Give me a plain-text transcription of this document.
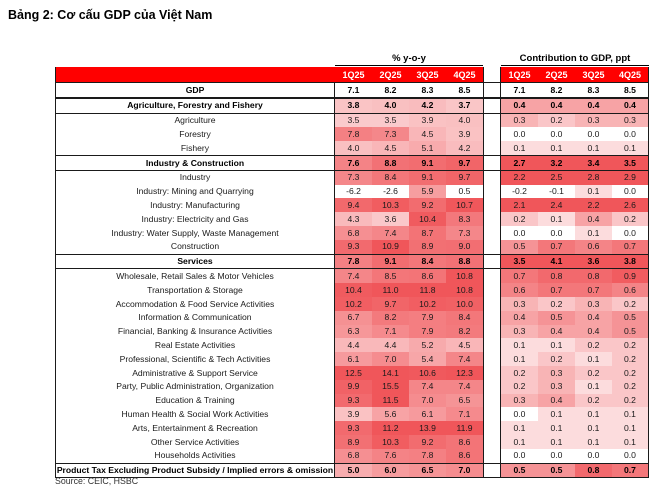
Bảng 2: Cơ cấu GDP của Việt Nam
% y-o-y	Contribution to GDP, ppt
1Q25	2Q25	3Q25	4Q25	1Q25	2Q25	3Q25	4Q25
GDP	7.1	8.2	8.3	8.5	7.1	8.2	8.3	8.5
Agriculture, Forestry and Fishery	3.8	4.0	4.2	3.7	0.4	0.4	0.4	0.4
Agriculture	3.5	3.5	3.9	4.0	0.3	0.2	0.3	0.3
Forestry	7.8	7.3	4.5	3.9	0.0	0.0	0.0	0.0
Fishery	4.0	4.5	5.1	4.2	0.1	0.1	0.1	0.1
Industry & Construction	7.6	8.8	9.1	9.7	2.7	3.2	3.4	3.5
Industry	7.3	8.4	9.1	9.7	2.2	2.5	2.8	2.9
Industry: Mining and Quarrying	-6.2	-2.6	5.9	0.5	-0.2	-0.1	0.1	0.0
Industry: Manufacturing	9.4	10.3	9.2	10.7	2.1	2.4	2.2	2.6
Industry: Electricity and Gas	4.3	3.6	10.4	8.3	0.2	0.1	0.4	0.2
Industry: Water Supply, Waste Management	6.8	7.4	8.7	7.3	0.0	0.0	0.1	0.0
Construction	9.3	10.9	8.9	9.0	0.5	0.7	0.6	0.7
Services	7.8	9.1	8.4	8.8	3.5	4.1	3.6	3.8
Wholesale, Retail Sales & Motor Vehicles	7.4	8.5	8.6	10.8	0.7	0.8	0.8	0.9
Transportation & Storage	10.4	11.0	11.8	10.8	0.6	0.7	0.7	0.6
Accommodation & Food Service Activities	10.2	9.7	10.2	10.0	0.3	0.2	0.3	0.2
Information & Communication	6.7	8.2	7.9	8.4	0.4	0.5	0.4	0.5
Financial, Banking & Insurance Activities	6.3	7.1	7.9	8.2	0.3	0.4	0.4	0.5
Real Estate Activities	4.4	4.4	5.2	4.5	0.1	0.1	0.2	0.2
Professional, Scientific & Tech Activities	6.1	7.0	5.4	7.4	0.1	0.2	0.1	0.2
Administrative & Support Service	12.5	14.1	10.6	12.3	0.2	0.3	0.2	0.2
Party, Public Administration, Organization	9.9	15.5	7.4	7.4	0.2	0.3	0.1	0.2
Education & Training	9.3	11.5	7.0	6.5	0.3	0.4	0.2	0.2
Human Health & Social Work Activities	3.9	5.6	6.1	7.1	0.0	0.1	0.1	0.1
Arts, Entertainment & Recreation	9.3	11.2	13.9	11.9	0.1	0.1	0.1	0.1
Other Service Activities	8.9	10.3	9.2	8.6	0.1	0.1	0.1	0.1
Households Activities	6.8	7.6	7.8	8.6	0.0	0.0	0.0	0.0
Product Tax Excluding Product Subsidy / Implied errors & omission	5.0	6.0	6.5	7.0	0.5	0.5	0.8	0.7
Source: CEIC, HSBC
